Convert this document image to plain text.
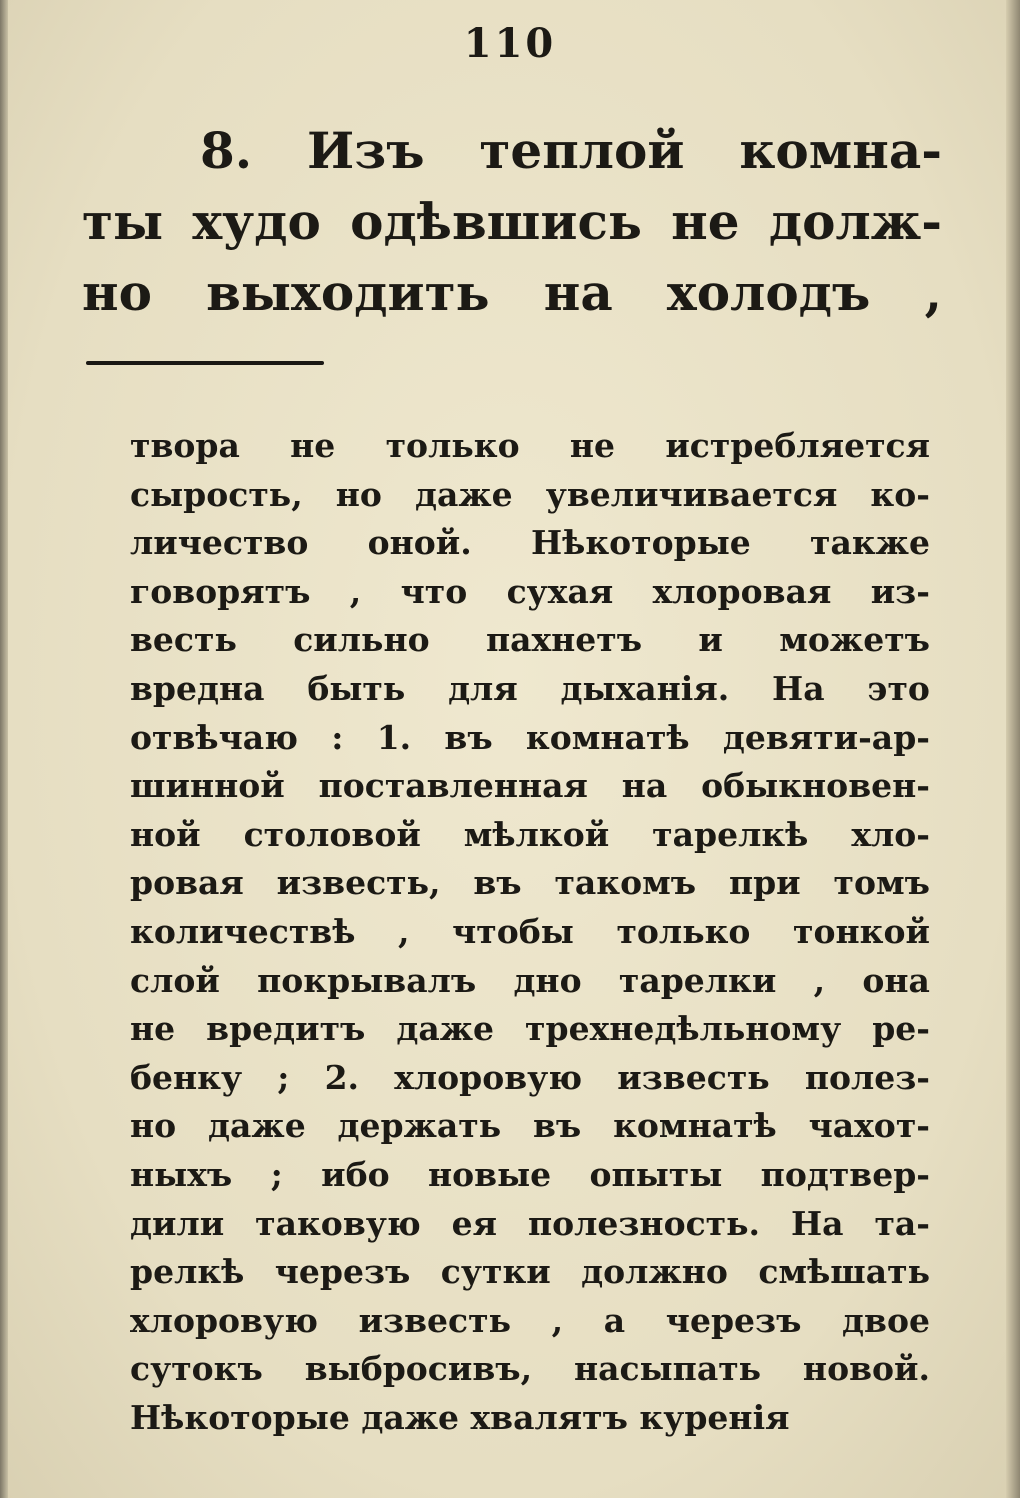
110
8. Изъ теплой комна-
ты худо одѣвшись не долж-
но выходить на холодъ ,
твора не только не истребляется
сырость, но даже увеличивается ко-
личество оной. Нѣкоторые также
говорятъ , что сухая хлоровая из-
весть сильно пахнетъ и можетъ
вредна быть для дыханія. На это
отвѣчаю : 1. въ комнатѣ девяти-ар-
шинной поставленная на обыкновен-
ной столовой мѣлкой тарелкѣ хло-
ровая известь, въ такомъ при томъ
количествѣ , чтобы только тонкой
слой покрывалъ дно тарелки , она
не вредитъ даже трехнедѣльному ре-
бенку ; 2. хлоровую известь полез-
но даже держать въ комнатѣ чахот-
ныхъ ; ибо новые опыты подтвер-
дили таковую ея полезность. На та-
релкѣ черезъ сутки должно смѣшать
хлоровую известь , а черезъ двое
сутокъ выбросивъ, насыпать новой.
Нѣкоторые даже хвалятъ куренія
